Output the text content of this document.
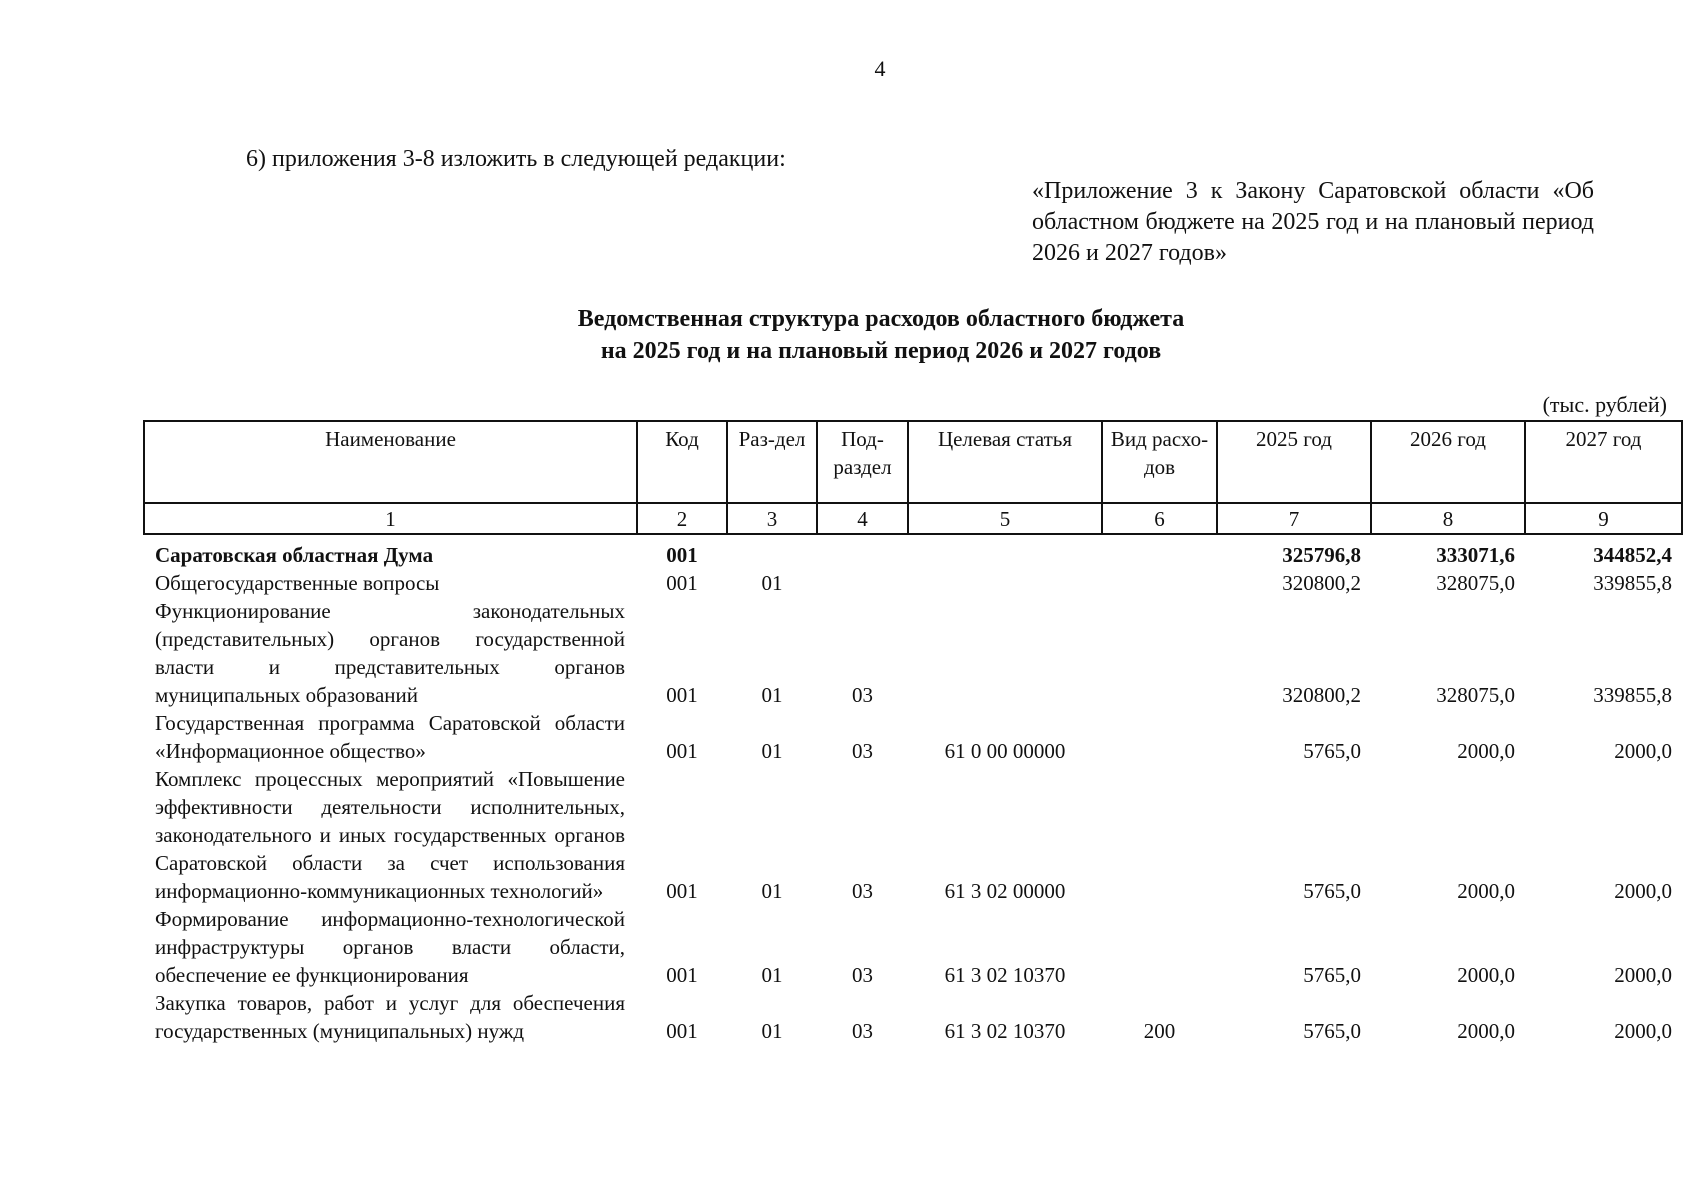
4
6) приложения 3-8 изложить в следующей редакции:
«Приложение 3 к Закону Саратовской области «Об областном бюджете на 2025 год и на плановый период 2026 и 2027 годов»
Ведомственная структура расходов областного бюджета
на 2025 год и на плановый период 2026 и 2027 годов
(тыс. рублей)
Наименование	Код	Раз-дел	Под-раздел	Целевая статья	Вид расхо-дов	2025 год	2026 год	2027 год
1	2	3	4	5	6	7	8	9
Саратовская областная Дума	001					325796,8	333071,6	344852,4
Общегосударственные вопросы	001	01				320800,2	328075,0	339855,8
Функционирование законодательных (представительных) органов государственной власти и представительных органов муниципальных образований	001	01	03			320800,2	328075,0	339855,8
Государственная программа Саратовской области «Информационное общество»	001	01	03	61 0 00 00000		5765,0	2000,0	2000,0
Комплекс процессных мероприятий «Повышение эффективности деятельности исполнительных, законодательного и иных государственных органов Саратовской области за счет использования информационно-коммуникационных технологий»	001	01	03	61 3 02 00000		5765,0	2000,0	2000,0
Формирование информационно-технологической инфраструктуры органов власти области, обеспечение ее функционирования	001	01	03	61 3 02 10370		5765,0	2000,0	2000,0
Закупка товаров, работ и услуг для обеспечения государственных (муниципальных) нужд	001	01	03	61 3 02 10370	200	5765,0	2000,0	2000,0
